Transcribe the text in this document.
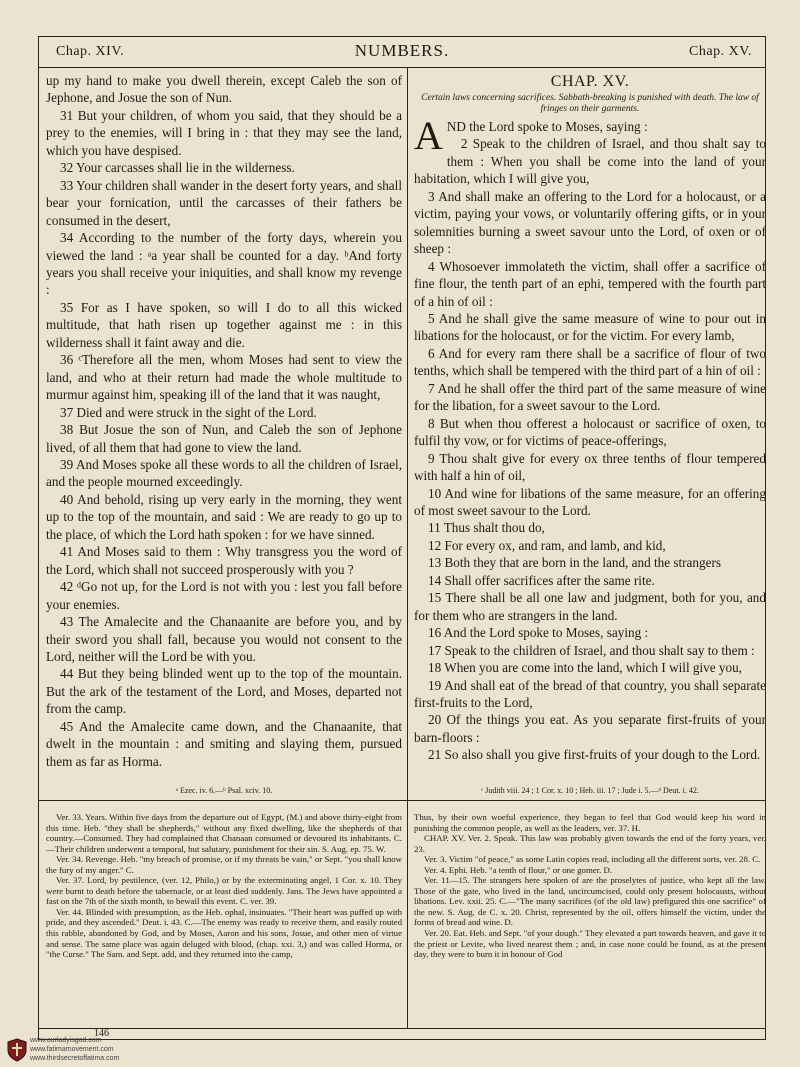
Chap. XIV.	NUMBERS.	Chap. XV.

up my hand to make you dwell therein, except Caleb the son of Jephone, and Josue the son of Nun.

31 But your children, of whom you said, that they should be a prey to the enemies, will I bring in : that they may see the land, which you have despised.

32 Your carcasses shall lie in the wilderness.

33 Your children shall wander in the desert forty years, and shall bear your fornication, until the carcasses of their fathers be consumed in the desert,

34 According to the number of the forty days, wherein you viewed the land : ᵃa year shall be counted for a day. ᵇAnd forty years you shall receive your iniquities, and shall know my revenge :

35 For as I have spoken, so will I do to all this wicked multitude, that hath risen up together against me : in this wilderness shall it faint away and die.

36 ᶜTherefore all the men, whom Moses had sent to view the land, and who at their return had made the whole multitude to murmur against him, speaking ill of the land that it was naught,

37 Died and were struck in the sight of the Lord.

38 But Josue the son of Nun, and Caleb the son of Jephone lived, of all them that had gone to view the land.

39 And Moses spoke all these words to all the children of Israel, and the people mourned exceedingly.

40 And behold, rising up very early in the morning, they went up to the top of the mountain, and said : We are ready to go up to the place, of which the Lord hath spoken : for we have sinned.

41 And Moses said to them : Why transgress you the word of the Lord, which shall not succeed prosperously with you ?

42 ᵈGo not up, for the Lord is not with you : lest you fall before your enemies.

43 The Amalecite and the Chanaanite are before you, and by their sword you shall fall, because you would not consent to the Lord, neither will the Lord be with you.

44 But they being blinded went up to the top of the mountain. But the ark of the testament of the Lord, and Moses, departed not from the camp.

45 And the Amalecite came down, and the Chanaanite, that dwelt in the mountain : and smiting and slaying them, pursued them as far as Horma.

ᵃ Ezec. iv. 6.—ᵇ Psal. xciv. 10.
CHAP. XV.
Certain laws concerning sacrifices. Sabbath-breaking is punished with death. The law of fringes on their garments.

AND the Lord spoke to Moses, saying :

2 Speak to the children of Israel, and thou shalt say to them : When you shall be come into the land of your habitation, which I will give you,

3 And shall make an offering to the Lord for a holocaust, or a victim, paying your vows, or voluntarily offering gifts, or in your solemnities burning a sweet savour unto the Lord, of oxen or of sheep :

4 Whosoever immolateth the victim, shall offer a sacrifice of fine flour, the tenth part of an ephi, tempered with the fourth part of a hin of oil :

5 And he shall give the same measure of wine to pour out in libations for the holocaust, or for the victim. For every lamb,

6 And for every ram there shall be a sacrifice of flour of two tenths, which shall be tempered with the third part of a hin of oil :

7 And he shall offer the third part of the same measure of wine for the libation, for a sweet savour to the Lord.

8 But when thou offerest a holocaust or sacrifice of oxen, to fulfil thy vow, or for victims of peace-offerings,

9 Thou shalt give for every ox three tenths of flour tempered with half a hin of oil,

10 And wine for libations of the same measure, for an offering of most sweet savour to the Lord.

11 Thus shalt thou do,

12 For every ox, and ram, and lamb, and kid,

13 Both they that are born in the land, and the strangers

14 Shall offer sacrifices after the same rite.

15 There shall be all one law and judgment, both for you, and for them who are strangers in the land.

16 And the Lord spoke to Moses, saying :

17 Speak to the children of Israel, and thou shalt say to them :

18 When you are come into the land, which I will give you,

19 And shall eat of the bread of that country, you shall separate first-fruits to the Lord,

20 Of the things you eat. As you separate first-fruits of your barn-floors :

21 So also shall you give first-fruits of your dough to the Lord.

ᶜ Judith viii. 24 ; 1 Cor. x. 10 ; Heb. iii. 17 ; Jude i. 5.—ᵈ Deut. i. 42.

Ver. 33. Years. Within five days from the departure out of Egypt, (M.) and above thirty-eight from this time. Heb. "they shall be shepherds," without any fixed dwelling, like the shepherds of that country.—Consumed. They had complained that Chanaan consumed or devoured its inhabitants. C.—Their children underwent a temporal, but salutary, punishment for their sin. S. Aug. ep. 75. W.

Ver. 34. Revenge. Heb. "my breach of promise, or if my threats be vain," or Sept. "you shall know the fury of my anger." C.

Ver. 37. Lord, by pestilence, (ver. 12, Philo,) or by the exterminating angel, 1 Cor. x. 10. They were burnt to death before the tabernacle, or at least died suddenly. Jans. The Jews have appointed a fast on the 7th of the sixth month, to bewail this event. C. ver. 39.

Ver. 44. Blinded with presumption, as the Heb. ophal, insinuates. "Their heart was puffed up with pride, and they ascended." Deut. i. 43. C.—The enemy was ready to receive them, and easily routed this rabble, abandoned by God, and by Moses, Aaron and his sons, Josue, and other men of virtue and sense. The same place was again deluged with blood, (chap. xxi. 3,) and was called Horma, or "the Curse." The Sam. and Sept. add, and they returned into the camp,

Thus, by their own woeful experience, they began to feel that God would keep his word in punishing the common people, as well as the leaders, ver. 37. H.

CHAP. XV. Ver. 2. Speak. This law was probably given towards the end of the forty years, ver. 23.

Ver. 3. Victim "of peace," as some Latin copies read, including all the different sorts, ver. 28. C.

Ver. 4. Ephi. Heb. "a tenth of flour," or one gomer. D.

Ver. 11—15. The strangers here spoken of are the proselytes of justice, who kept all the law. Those of the gate, who lived in the land, uncircumcised, could only present holocausts, without libations. Lev. xxii. 25. C.—"The many sacrifices (of the old law) prefigured this one sacrifice" of the new. S. Aug. de C. x. 20. Christ, represented by the oil, offers himself the victim, under the forms of bread and wine. D.

Ver. 20. Eat. Heb. and Sept. "of your dough." They elevated a part towards heaven, and gave it to the priest or Levite, who lived nearest them ; and, in case none could be found, as at the present day, they were to burn it in honour of God

146
www.ourladyisgod.com
www.fatimamovement.com
www.thirdsecretoffatima.com
